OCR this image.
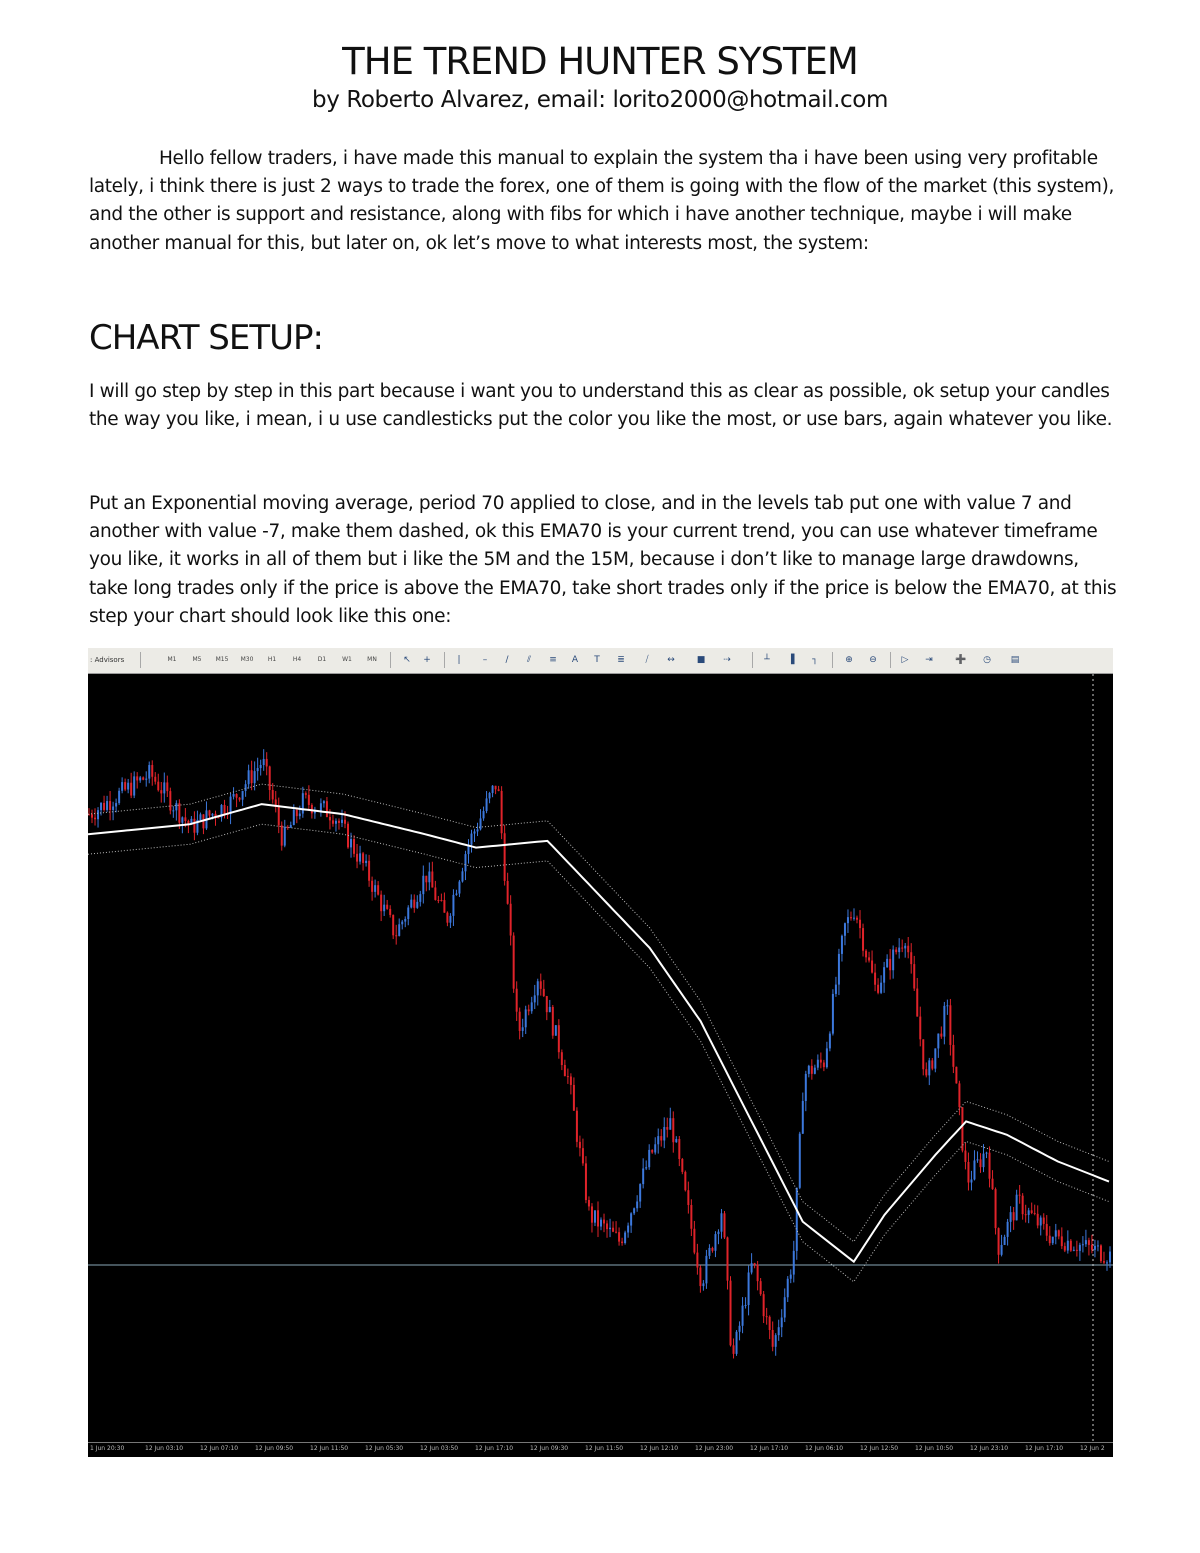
THE TREND HUNTER SYSTEM
by Roberto Alvarez, email: lorito2000@hotmail.com

Hello fellow traders, i have made this manual to explain the system tha i have been using very profitable lately, i think there is just 2 ways to trade the forex, one of them is going with the flow of the market (this system), and the other is support and resistance, along with fibs for which i have another technique, maybe i will make another manual for this, but later on, ok let’s move to what interests most, the system:

CHART SETUP:

I will go step by step in this part because i want you to understand this as clear as possible, ok setup your candles the way you like, i mean, i u use candlesticks put the color you like the most, or use bars, again whatever you like.

Put an Exponential moving average, period 70 applied to close, and in the levels tab put one with value 7 and another with value -7, make them dashed, ok this EMA70 is your current trend, you can use whatever timeframe you like, it works in all of them but i like the 5M and the 15M, because i don’t like to manage large drawdowns, take long trades only if the price is above the EMA70, take short trades only if the price is below the EMA70, at this step your chart should look like this one:

: Advisors	M1	M5	M15	M30	H1	H4	D1	W1	MN	↖	+	|	–	∕	⫽	≡	A	T	≣	⧸	↔	■	⇢	┴	▐	┐	⊕	⊖	▷	⇥	➕	◷	▤
1 Jun 20:30	12 Jun 03:10	12 Jun 07:10	12 Jun 09:50	12 Jun 11:50	12 Jun 05:30	12 Jun 03:50	12 Jun 17:10	12 Jun 09:30	12 Jun 11:50	12 Jun 12:10	12 Jun 23:00	12 Jun 17:10	12 Jun 06:10	12 Jun 12:50	12 Jun 10:50	12 Jun 23:10	12 Jun 17:10	12 Jun 2
